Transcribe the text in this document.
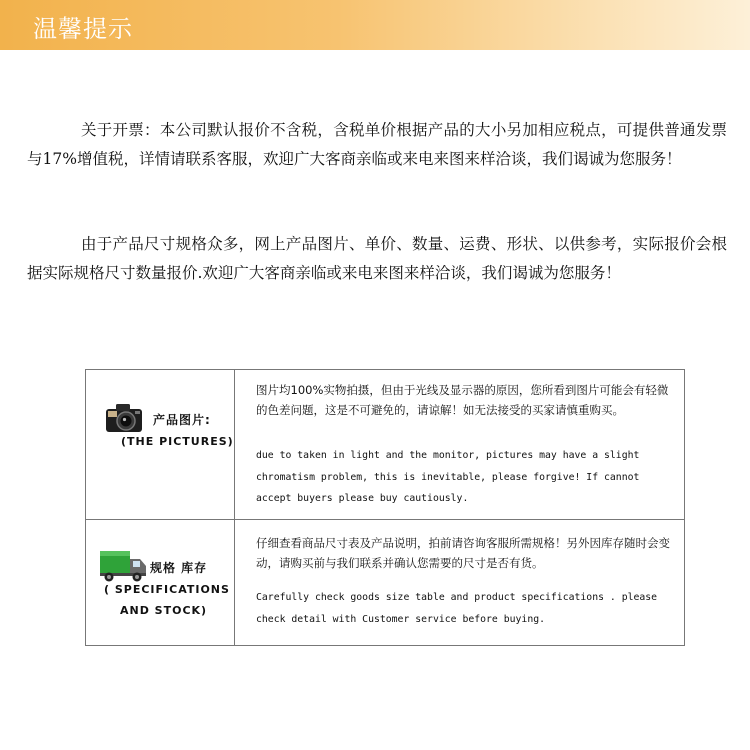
温馨提示
关于开票：本公司默认报价不含税，含税单价根据产品的大小另加相应税点，可提供普通发票与17%增值税，详情请联系客服，欢迎广大客商亲临或来电来图来样洽谈，我们谒诚为您服务！
由于产品尺寸规格众多，网上产品图片、单价、数量、运费、形状、以供参考，实际报价会根据实际规格尺寸数量报价.欢迎广大客商亲临或来电来图来样洽谈，我们谒诚为您服务！
产品图片:
(THE PICTURES)
图片均100%实物拍摄，但由于光线及显示器的原因，您所看到图片可能会有轻微的色差问题，这是不可避免的，请谅解！如无法接受的买家请慎重购买。
due to taken in light and the monitor, pictures may have a slight chromatism problem, this is inevitable, please forgive! If cannot accept buyers please buy cautiously.
规格 库存
( SPECIFICATIONS
AND STOCK)
仔细查看商品尺寸表及产品说明，拍前请咨询客服所需规格！另外因库存随时会变动，请购买前与我们联系并确认您需要的尺寸是否有货。
Carefully check goods size table and product specifications . please check detail with Customer service before buying.
